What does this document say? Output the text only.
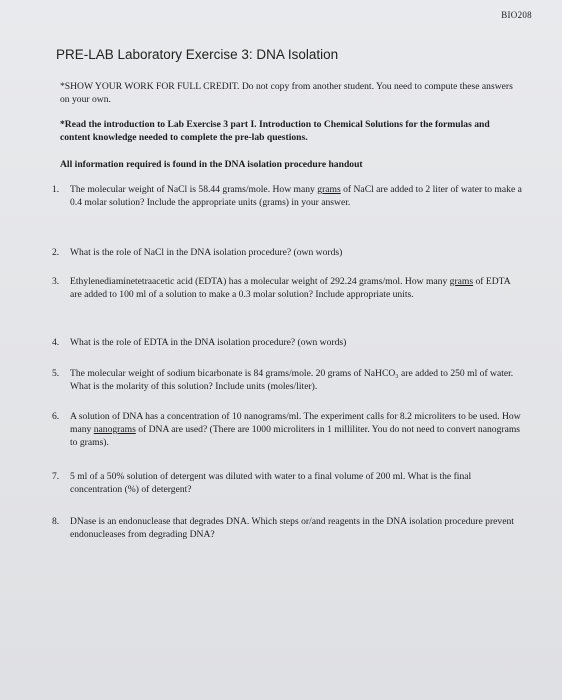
BIO208
PRE-LAB Laboratory Exercise 3: DNA Isolation
*SHOW YOUR WORK FOR FULL CREDIT. Do not copy from another student. You need to compute these answers on your own.
*Read the introduction to Lab Exercise 3 part I. Introduction to Chemical Solutions for the formulas and content knowledge needed to complete the pre-lab questions.
All information required is found in the DNA isolation procedure handout
1.	The molecular weight of NaCl is 58.44 grams/mole. How many grams of NaCl are added to 2 liter of water to make a 0.4 molar solution? Include the appropriate units (grams) in your answer.
2.	What is the role of NaCl in the DNA isolation procedure? (own words)
3.	Ethylenediaminetetraacetic acid (EDTA) has a molecular weight of 292.24 grams/mol. How many grams of EDTA are added to 100 ml of a solution to make a 0.3 molar solution? Include appropriate units.
4.	What is the role of EDTA in the DNA isolation procedure? (own words)
5.	The molecular weight of sodium bicarbonate is 84 grams/mole. 20 grams of NaHCO₃ are added to 250 ml of water. What is the molarity of this solution? Include units (moles/liter).
6.	A solution of DNA has a concentration of 10 nanograms/ml. The experiment calls for 8.2 microliters to be used. How many nanograms of DNA are used? (There are 1000 microliters in 1 milliliter. You do not need to convert nanograms to grams).
7.	5 ml of a 50% solution of detergent was diluted with water to a final volume of 200 ml. What is the final concentration (%) of detergent?
8.	DNase is an endonuclease that degrades DNA. Which steps or/and reagents in the DNA isolation procedure prevent endonucleases from degrading DNA?
